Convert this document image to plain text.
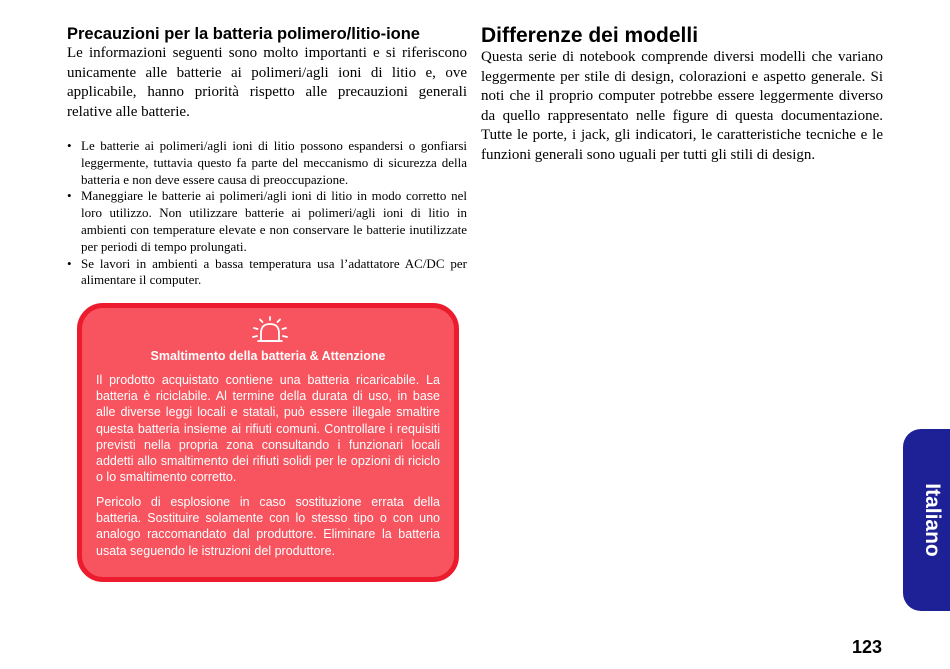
Precauzioni per la batteria polimero/litio-ione

Le informazioni seguenti sono molto importanti e si riferiscono unicamente alle batterie ai polimeri/agli ioni di litio e, ove applicabile, hanno priorità rispetto alle precauzioni generali relative alle batterie.

• Le batterie ai polimeri/agli ioni di litio possono espandersi o gonfiarsi leggermente, tuttavia questo fa parte del meccanismo di sicurezza della batteria e non deve essere causa di preoccupazione.
• Maneggiare le batterie ai polimeri/agli ioni di litio in modo corretto nel loro utilizzo. Non utilizzare batterie ai polimeri/agli ioni di litio in ambienti con temperature elevate e non conservare le batterie inutilizzate per periodi di tempo prolungati.
• Se lavori in ambienti a bassa temperatura usa l’adattatore AC/DC per alimentare il computer.
Smaltimento della batteria & Attenzione

Il prodotto acquistato contiene una batteria ricaricabile. La batteria è riciclabile. Al termine della durata di uso, in base alle diverse leggi locali e statali, può essere illegale smaltire questa batteria insieme ai rifiuti comuni. Controllare i requisiti previsti nella propria zona consultando i funzionari locali addetti allo smaltimento dei rifiuti solidi per le opzioni di riciclo o lo smaltimento corretto.

Pericolo di esplosione in caso sostituzione errata della batteria. Sostituire solamente con lo stesso tipo o con uno analogo raccomandato dal produttore. Eliminare la batteria usata seguendo le istruzioni del produttore.

Differenze dei modelli

Questa serie di notebook comprende diversi modelli che variano leggermente per stile di design, colorazioni e aspetto generale. Si noti che il proprio computer potrebbe essere leggermente diverso da quello rappresentato nelle figure di questa documentazione. Tutte le porte, i jack, gli indicatori, le caratteristiche tecniche e le funzioni generali sono uguali per tutti gli stili di design.

Italiano
123
